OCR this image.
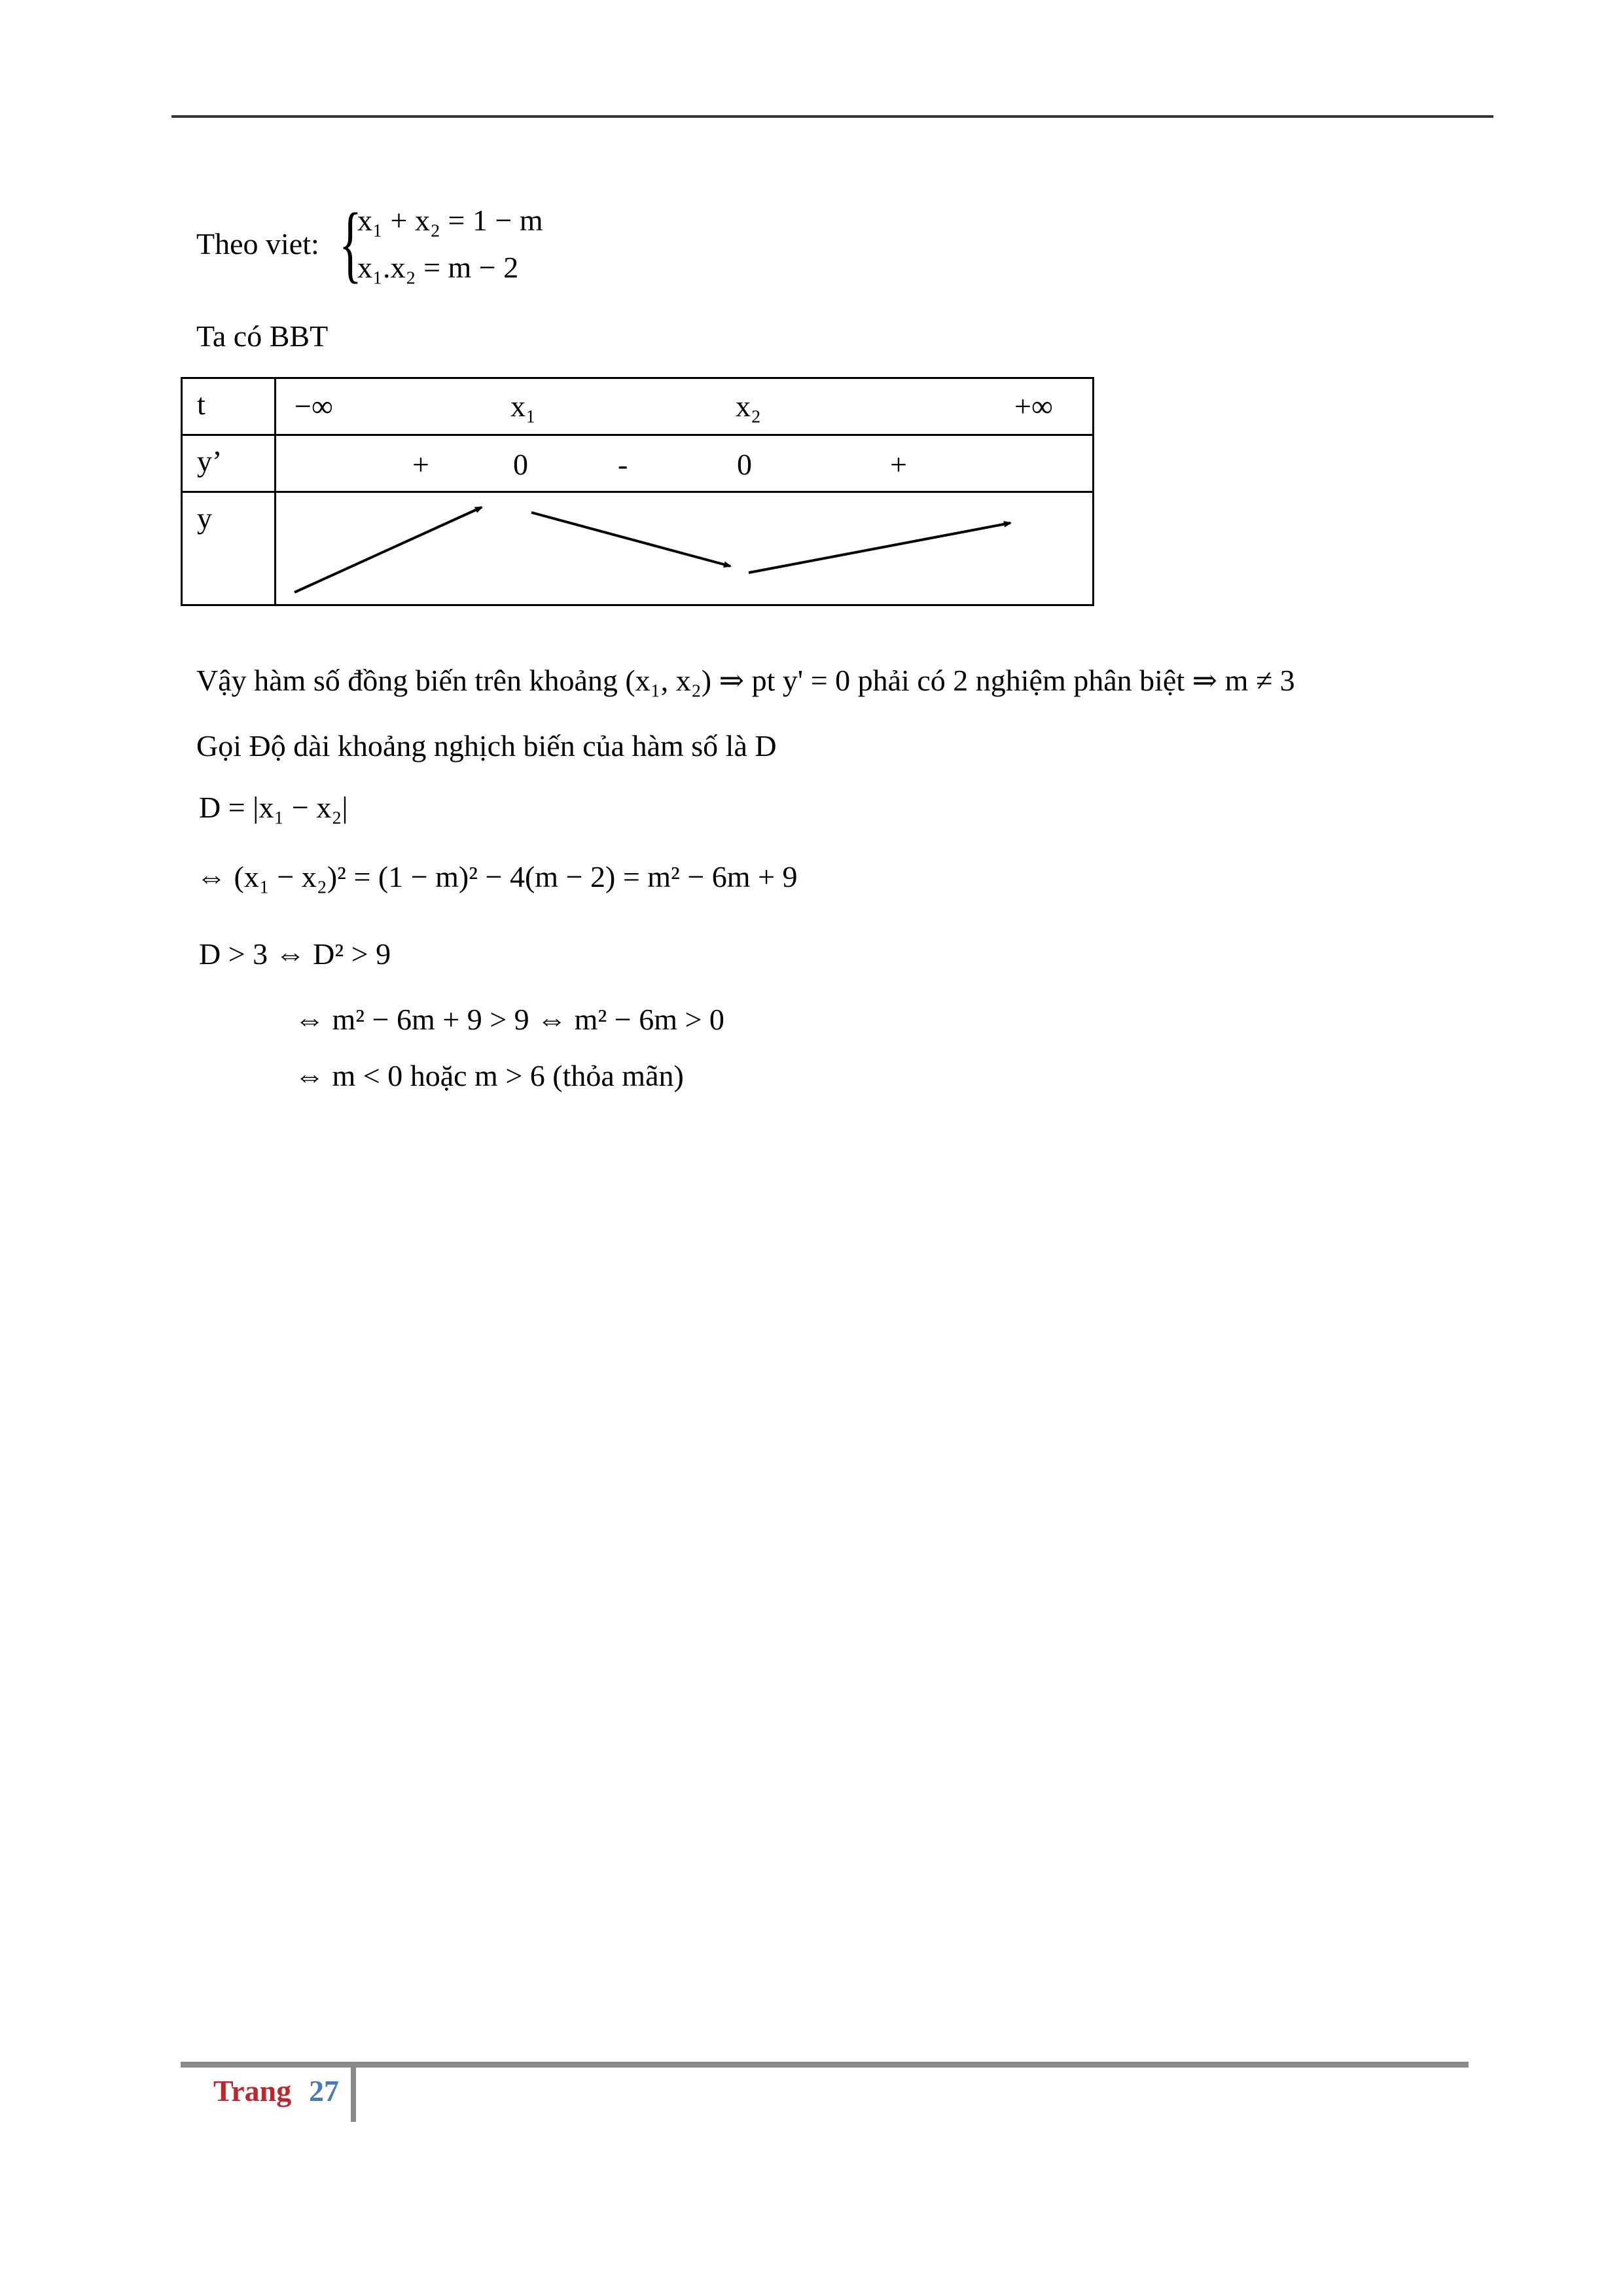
Theo viet: {
x₁ + x₂ = 1 − m
x₁.x₂ = m − 2
Ta có BBT
t	−∞ x₁ x₂ +∞

y’	+ 0 - 0 +

y

Vậy hàm số đồng biến trên khoảng (x₁, x₂) ⇒ pt y' = 0 phải có 2 nghiệm phân biệt ⇒ m ≠ 3
Gọi Độ dài khoảng nghịch biến của hàm số là D
D = |x₁ − x₂|
⇔ (x₁ − x₂)² = (1 − m)² − 4(m − 2) = m² − 6m + 9
D > 3 ⇔ D² > 9
⇔ m² − 6m + 9 > 9 ⇔ m² − 6m > 0
⇔ m < 0 hoặc m > 6 (thỏa mãn)
Trang 27
